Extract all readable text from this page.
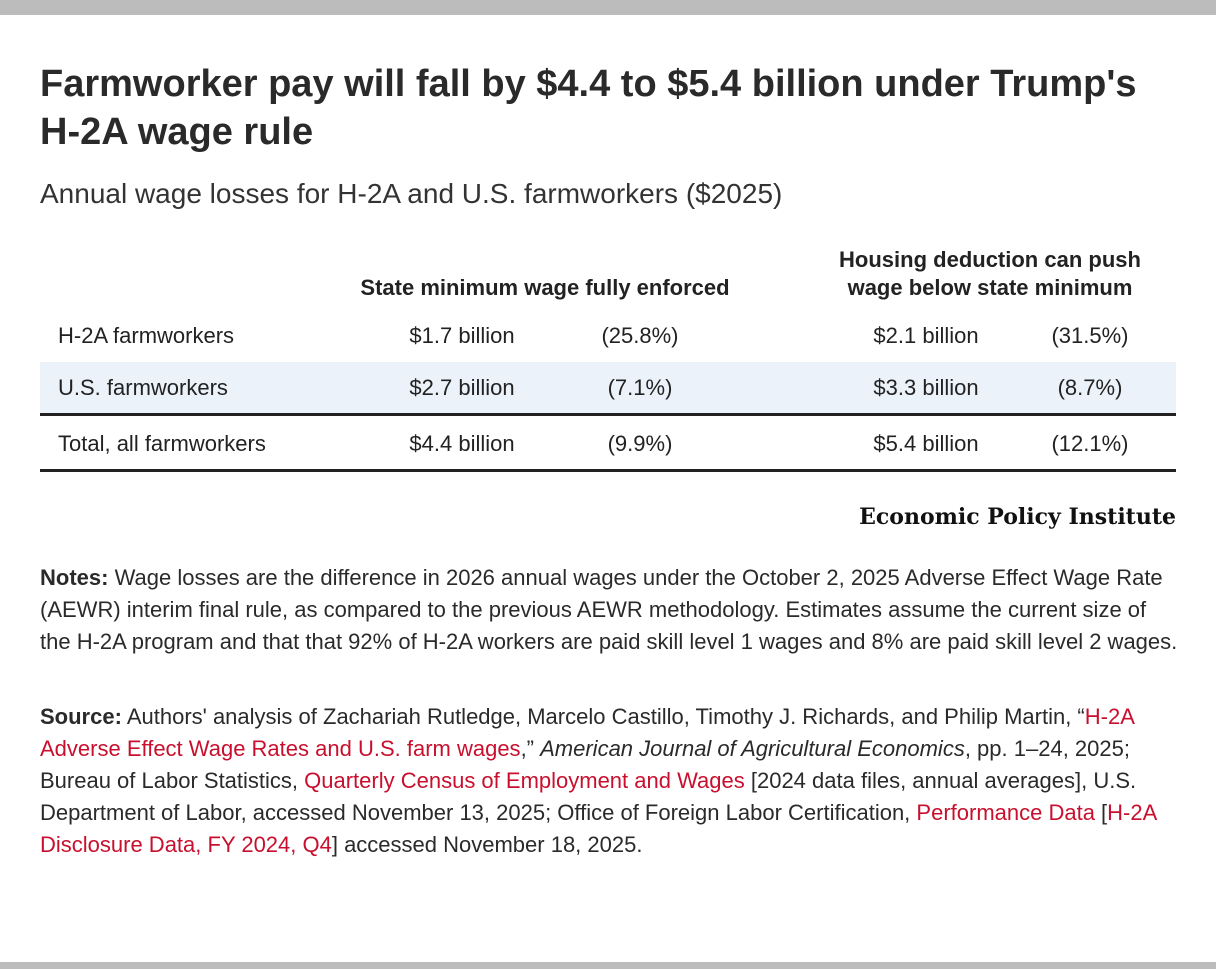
Farmworker pay will fall by $4.4 to $5.4 billion under Trump's H-2A wage rule

Annual wage losses for H-2A and U.S. farmworkers ($2025)

State minimum wage fully enforced
Housing deduction can push wage below state minimum
H-2A farmworkers	$1.7 billion	(25.8%)	$2.1 billion	(31.5%)
U.S. farmworkers	$2.7 billion	(7.1%)	$3.3 billion	(8.7%)
Total, all farmworkers	$4.4 billion	(9.9%)	$5.4 billion	(12.1%)
Economic Policy Institute

Notes: Wage losses are the difference in 2026 annual wages under the October 2, 2025 Adverse Effect Wage Rate (AEWR) interim final rule, as compared to the previous AEWR methodology. Estimates assume the current size of the H-2A program and that that 92% of H-2A workers are paid skill level 1 wages and 8% are paid skill level 2 wages.

Source: Authors' analysis of Zachariah Rutledge, Marcelo Castillo, Timothy J. Richards, and Philip Martin, “H-2A Adverse Effect Wage Rates and U.S. farm wages,” American Journal of Agricultural Economics, pp. 1–24, 2025; Bureau of Labor Statistics, Quarterly Census of Employment and Wages [2024 data files, annual averages], U.S. Department of Labor, accessed November 13, 2025; Office of Foreign Labor Certification, Performance Data [H-2A Disclosure Data, FY 2024, Q4] accessed November 18, 2025.
